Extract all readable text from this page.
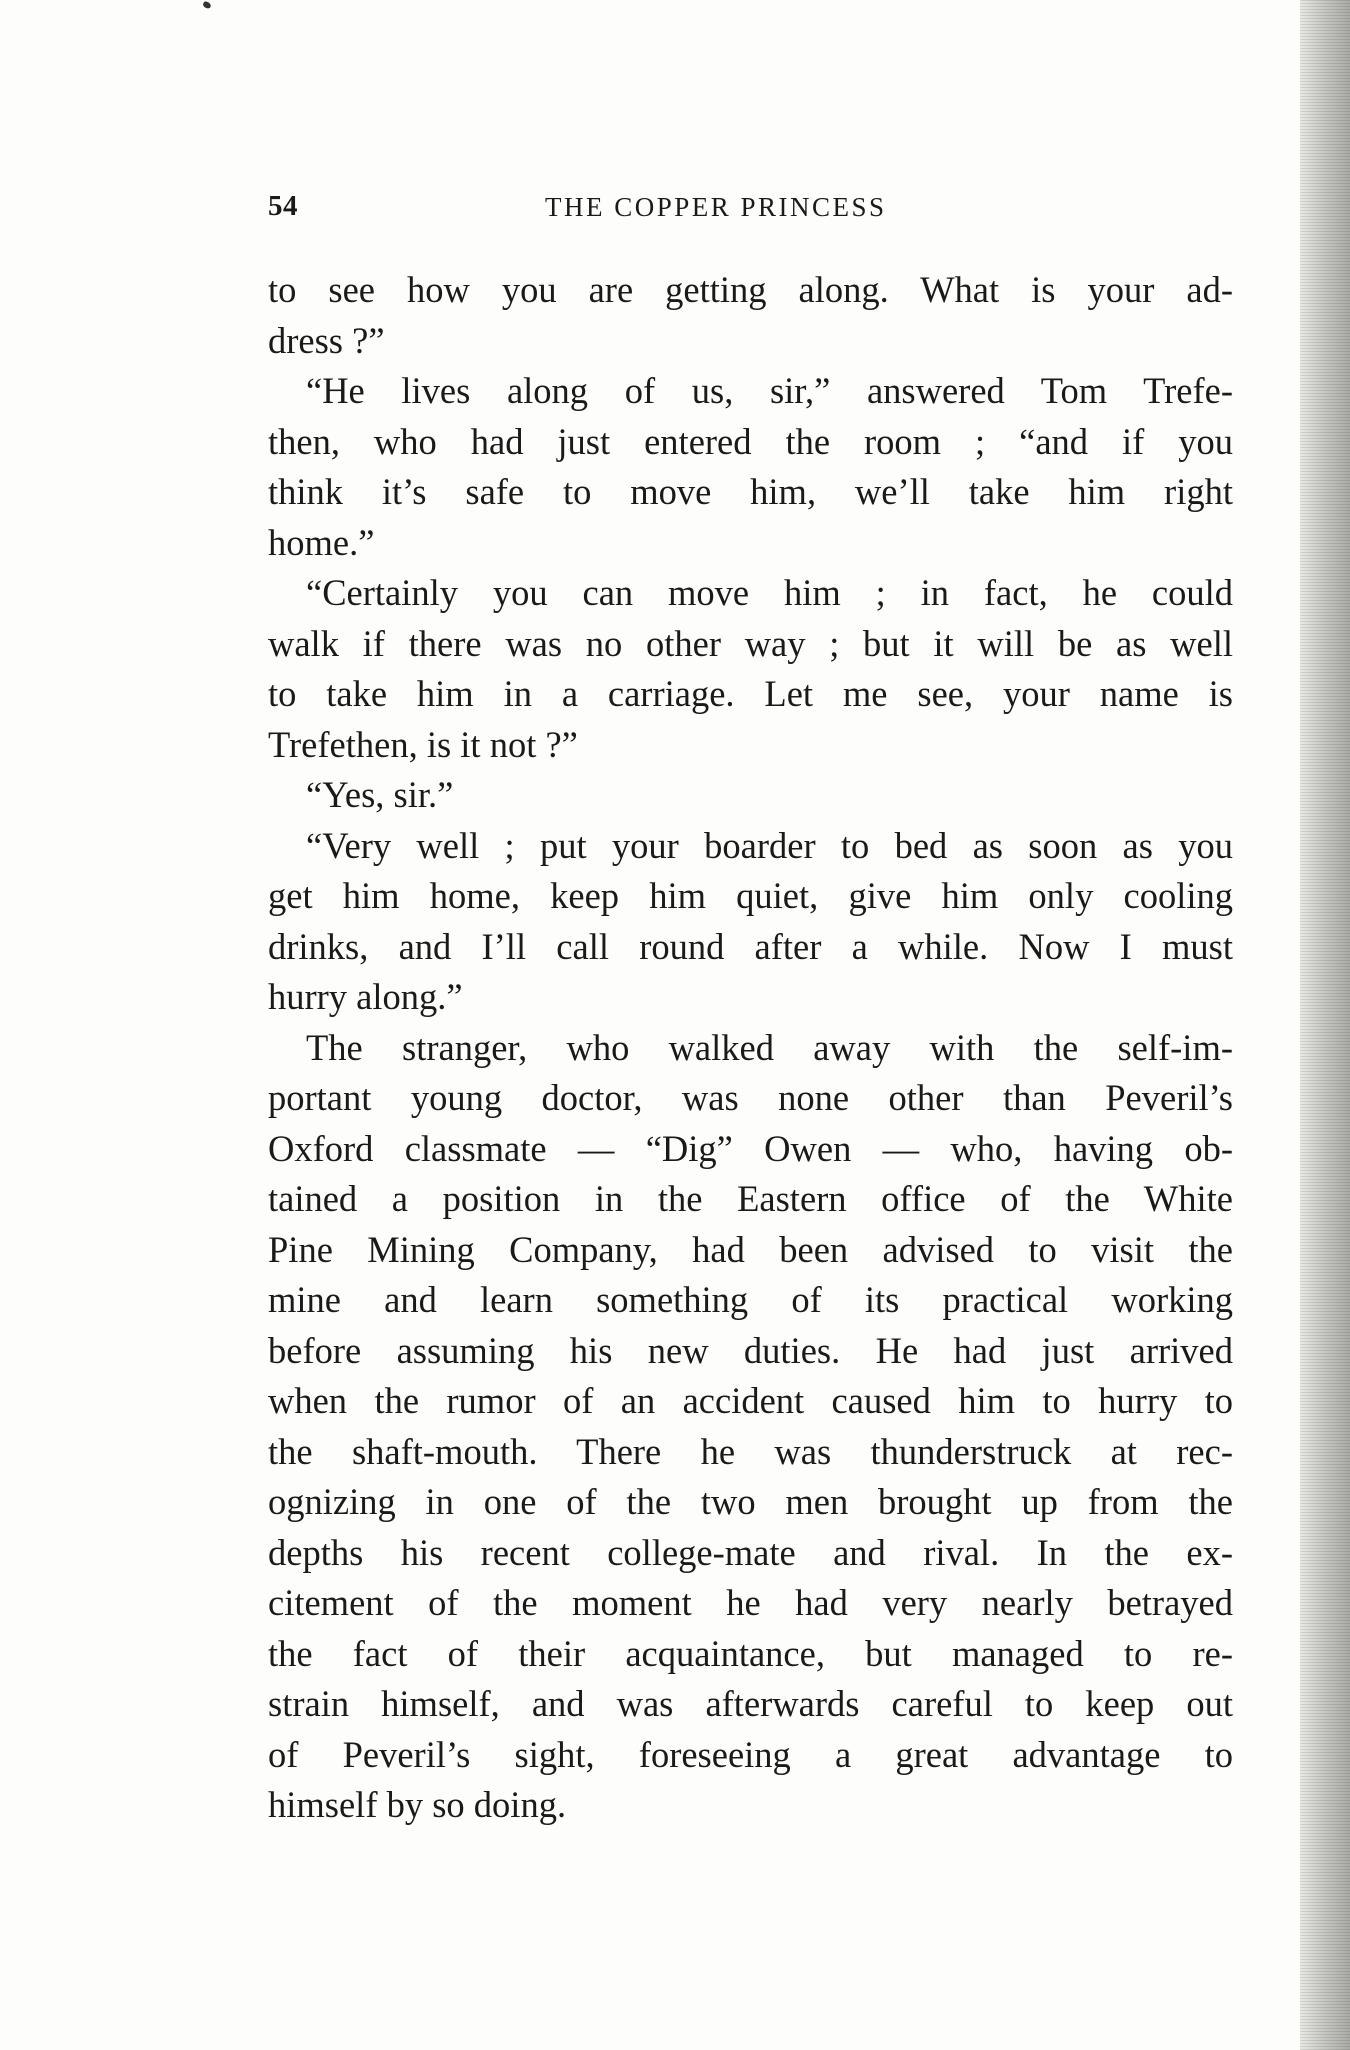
54	THE COPPER PRINCESS
to see how you are getting along. What is your ad-
dress ?”
“He lives along of us, sir,” answered Tom Trefe-
then, who had just entered the room ; “and if you
think it’s safe to move him, we’ll take him right
home.”
“Certainly you can move him ; in fact, he could
walk if there was no other way ; but it will be as well
to take him in a carriage. Let me see, your name is
Trefethen, is it not ?”
“Yes, sir.”
“Very well ; put your boarder to bed as soon as you
get him home, keep him quiet, give him only cooling
drinks, and I’ll call round after a while. Now I must
hurry along.”
The stranger, who walked away with the self-im-
portant young doctor, was none other than Peveril’s
Oxford classmate — “Dig” Owen — who, having ob-
tained a position in the Eastern office of the White
Pine Mining Company, had been advised to visit the
mine and learn something of its practical working
before assuming his new duties. He had just arrived
when the rumor of an accident caused him to hurry to
the shaft-mouth. There he was thunderstruck at rec-
ognizing in one of the two men brought up from the
depths his recent college-mate and rival. In the ex-
citement of the moment he had very nearly betrayed
the fact of their acquaintance, but managed to re-
strain himself, and was afterwards careful to keep out
of Peveril’s sight, foreseeing a great advantage to
himself by so doing.
